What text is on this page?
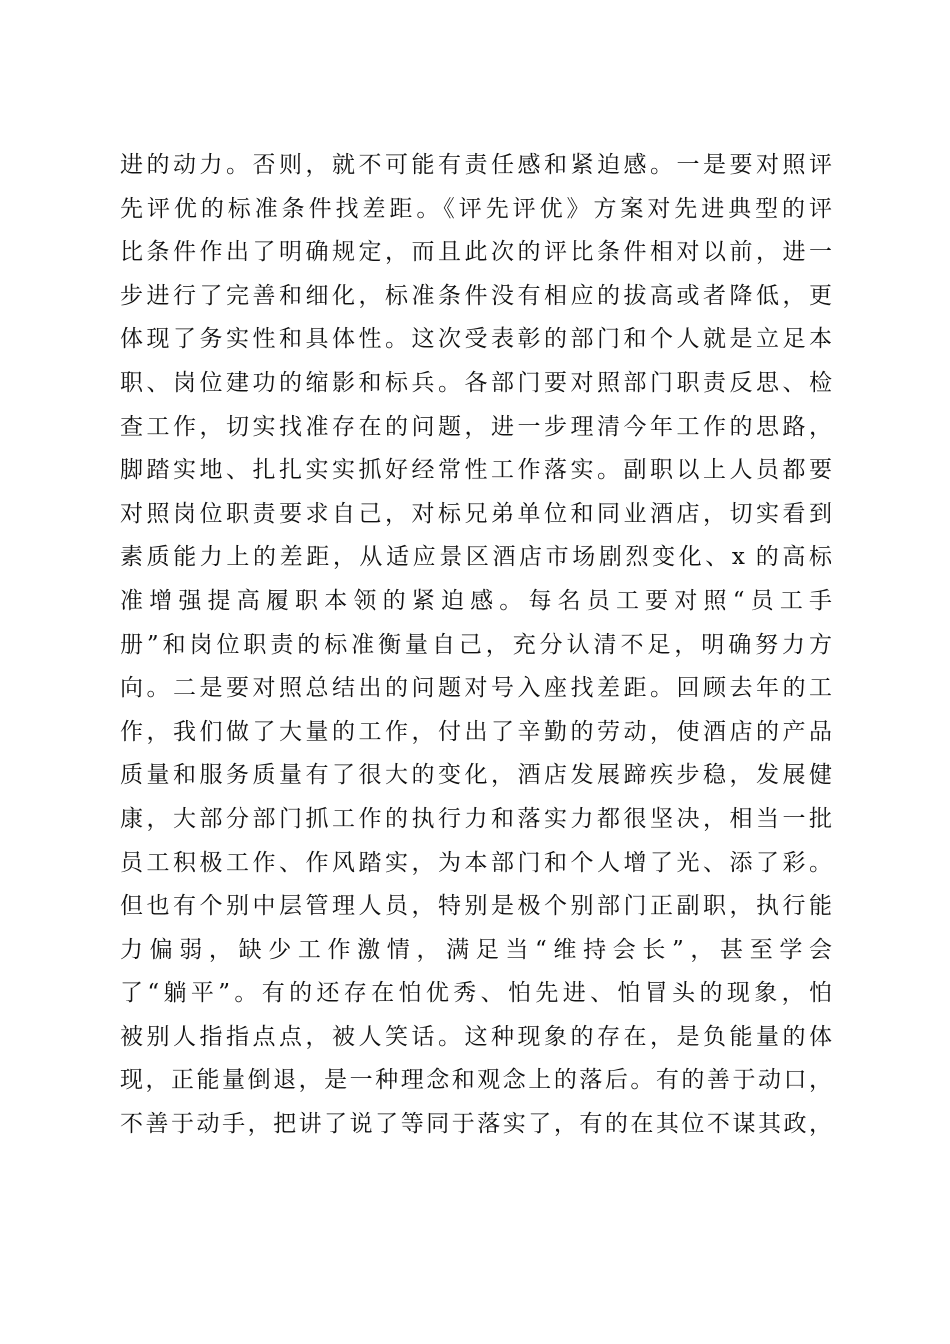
进的动力。否则，就不可能有责任感和紧迫感。一是要对照评
先评优的标准条件找差距。《评先评优》方案对先进典型的评
比条件作出了明确规定，而且此次的评比条件相对以前，进一
步进行了完善和细化，标准条件没有相应的拔高或者降低，更
体现了务实性和具体性。这次受表彰的部门和个人就是立足本
职、岗位建功的缩影和标兵。各部门要对照部门职责反思、检
查工作，切实找准存在的问题，进一步理清今年工作的思路，
脚踏实地、扎扎实实抓好经常性工作落实。副职以上人员都要
对照岗位职责要求自己，对标兄弟单位和同业酒店，切实看到
素质能力上的差距，从适应景区酒店市场剧烈变化、x 的高标
准增强提高履职本领的紧迫感。每名员工要对照“员工手
册”和岗位职责的标准衡量自己，充分认清不足，明确努力方
向。二是要对照总结出的问题对号入座找差距。回顾去年的工
作，我们做了大量的工作，付出了辛勤的劳动，使酒店的产品
质量和服务质量有了很大的变化，酒店发展蹄疾步稳，发展健
康，大部分部门抓工作的执行力和落实力都很坚决，相当一批
员工积极工作、作风踏实，为本部门和个人增了光、添了彩。
但也有个别中层管理人员，特别是极个别部门正副职，执行能
力偏弱，缺少工作激情，满足当“维持会长”，甚至学会
了“躺平”。有的还存在怕优秀、怕先进、怕冒头的现象，怕
被别人指指点点，被人笑话。这种现象的存在，是负能量的体
现，正能量倒退，是一种理念和观念上的落后。有的善于动口，
不善于动手，把讲了说了等同于落实了，有的在其位不谋其政，
